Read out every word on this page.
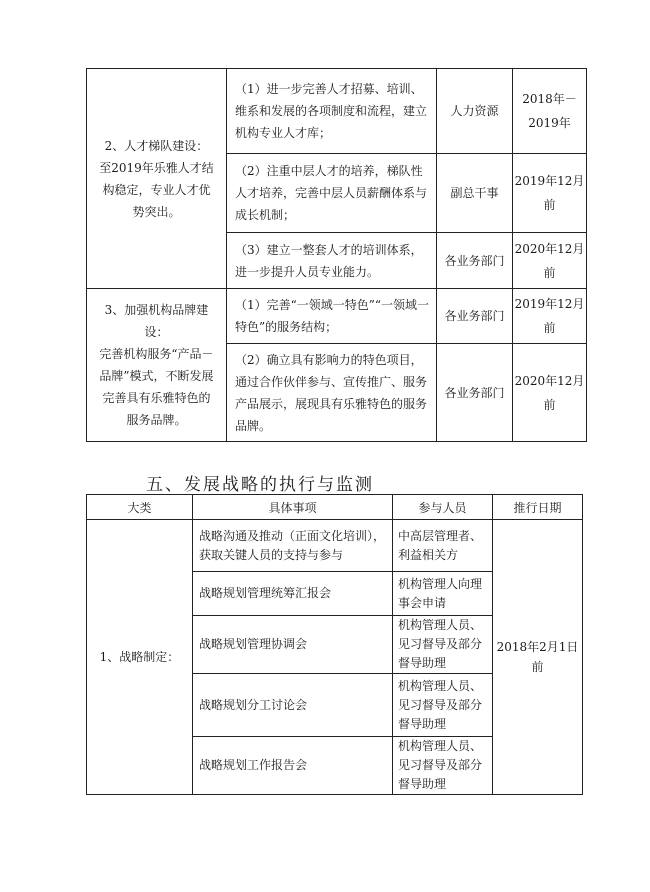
2、人才梯队建设：
至2019年乐雅人才结构稳定，专业人才优势突出。	（1）进一步完善人才招募、培训、维系和发展的各项制度和流程，建立机构专业人才库；	人力资源	2018年－2019年
	（2）注重中层人才的培养，梯队性人才培养，完善中层人员薪酬体系与成长机制；	副总干事	2019年12月前
	（3）建立一整套人才的培训体系，进一步提升人员专业能力。	各业务部门	2020年12月前

3、加强机构品牌建设：
完善机构服务“产品－品牌”模式，不断发展完善具有乐雅特色的服务品牌。	（1）完善“一领域一特色”“一领域一特色”的服务结构；	各业务部门	2019年12月前
	（2）确立具有影响力的特色项目，通过合作伙伴参与、宣传推广、服务产品展示，展现具有乐雅特色的服务品牌。	各业务部门	2020年12月前
五、发展战略的执行与监测
大类	具体事项	参与人员	推行日期
1、战略制定：	战略沟通及推动（正面文化培训），获取关键人员的支持与参与	中高层管理者、利益相关方	2018年2月1日前
	战略规划管理统筹汇报会	机构管理人向理事会申请	
	战略规划管理协调会	机构管理人员、见习督导及部分督导助理	
	战略规划分工讨论会	机构管理人员、见习督导及部分督导助理	
	战略规划工作报告会	机构管理人员、见习督导及部分督导助理	
